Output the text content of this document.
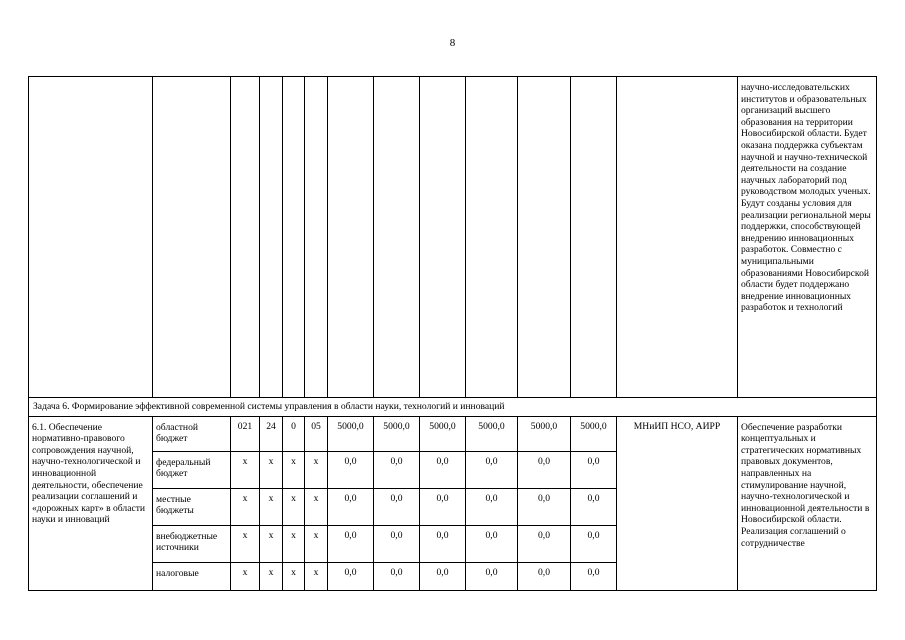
8
													научно-исследовательских институтов и образовательных организаций высшего образования на территории Новосибирской области. Будет оказана поддержка субъектам научной и научно-технической деятельности на создание научных лабораторий под руководством молодых ученых. Будут созданы условия для реализации региональной меры поддержки, способствующей внедрению инновационных разработок. Совместно с муниципальными образованиями Новосибирской области будет поддержано внедрение инновационных разработок и технологий
Задача 6. Формирование эффективной современной системы управления в области науки, технологий и инноваций													
6.1. Обеспечение нормативно-правового сопровождения научной, научно-технологической и инновационной деятельности, обеспечение реализации соглашений и «дорожных карт» в области науки и инноваций	областной бюджет	021	24	0	05	5000,0	5000,0	5000,0	5000,0	5000,0	5000,0	МНиИП НСО, АИРР	Обеспечение разработки концептуальных и стратегических нормативных правовых документов, направленных на стимулирование научной, научно-технологической и инновационной деятельности в Новосибирской области. Реализация соглашений о сотрудничестве
	федеральный бюджет	х	х	х	х	0,0	0,0	0,0	0,0	0,0	0,0		
	местные бюджеты	х	х	х	х	0,0	0,0	0,0	0,0	0,0	0,0		
	внебюджетные источники	х	х	х	х	0,0	0,0	0,0	0,0	0,0	0,0		
	налоговые	х	х	х	х	0,0	0,0	0,0	0,0	0,0	0,0		
